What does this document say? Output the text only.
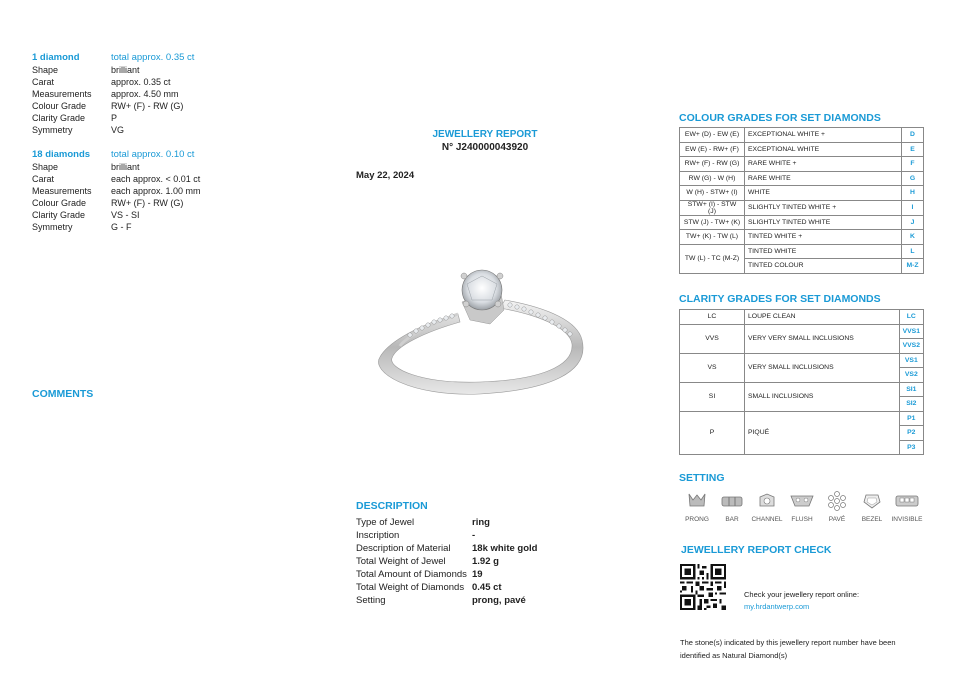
1 diamond	total approx. 0.35 ct
Shape	brilliant
Carat	approx. 0.35 ct
Measurements	approx. 4.50 mm
Colour Grade	RW+ (F) - RW (G)
Clarity Grade	P
Symmetry	VG
18 diamonds	total approx. 0.10 ct
Shape	brilliant
Carat	each approx. < 0.01 ct
Measurements	each approx. 1.00 mm
Colour Grade	RW+ (F) - RW (G)
Clarity Grade	VS - SI
Symmetry	G - F
COMMENTS
JEWELLERY REPORT
N° J240000043920
May 22, 2024
DESCRIPTION
Type of Jewel	ring
Inscription	-
Description of Material	18k white gold
Total Weight of Jewel	1.92 g
Total Amount of Diamonds 19
Total Weight of Diamonds 0.45 ct
Setting	prong, pavé
COLOUR GRADES FOR SET DIAMONDS
EW+ (D) - EW (E)	EXCEPTIONAL WHITE +	D
EW (E) - RW+ (F)	EXCEPTIONAL WHITE	E
RW+ (F) - RW (G)	RARE WHITE +	F
RW (G) - W (H)	RARE WHITE	G
W (H) - STW+ (I)	WHITE	H
STW+ (I) - STW (J)	SLIGHTLY TINTED WHITE +	I
STW (J) - TW+ (K)	SLIGHTLY TINTED WHITE	J
TW+ (K) - TW (L)	TINTED WHITE +	K
TW (L) - TC (M-Z)	TINTED WHITE	L
	TINTED COLOUR	M-Z
CLARITY GRADES FOR SET DIAMONDS
LC	LOUPE CLEAN	LC
VVS	VERY VERY SMALL INCLUSIONS	VVS1
		VVS2
VS	VERY SMALL INCLUSIONS	VS1
		VS2
SI	SMALL INCLUSIONS	SI1
		SI2
P	PIQUÉ	P1
		P2
		P3
SETTING
PRONG	BAR	CHANNEL	FLUSH	PAVÉ	BEZEL	INVISIBLE
JEWELLERY REPORT CHECK
Check your jewellery report online:
my.hrdantwerp.com
The stone(s) indicated by this jewellery report number have been identified as Natural Diamond(s)
